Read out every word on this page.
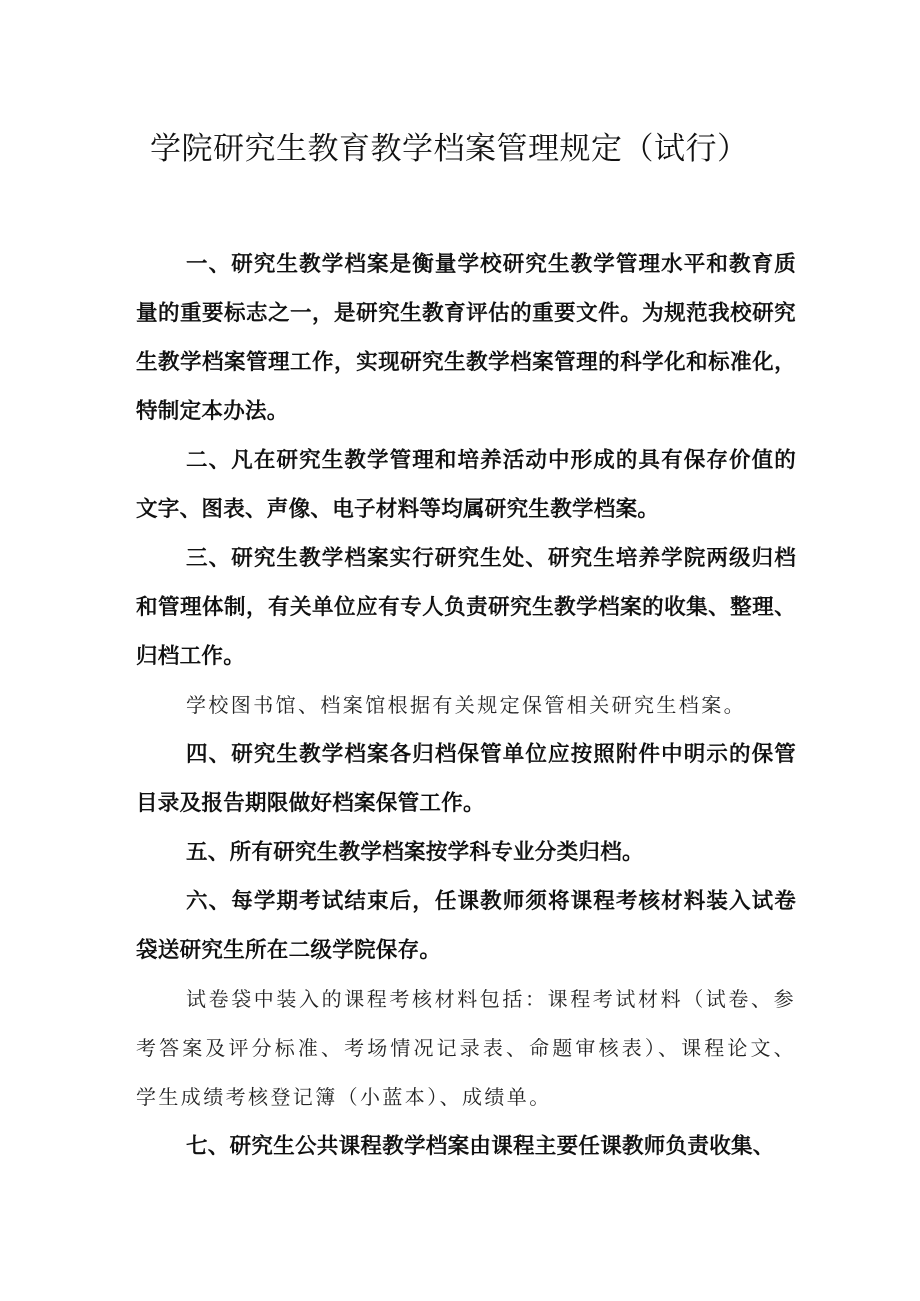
学院研究生教育教学档案管理规定（试行）

一、研究生教学档案是衡量学校研究生教学管理水平和教育质量的重要标志之一，是研究生教育评估的重要文件。为规范我校研究生教学档案管理工作，实现研究生教学档案管理的科学化和标准化，特制定本办法。

二、凡在研究生教学管理和培养活动中形成的具有保存价值的文字、图表、声像、电子材料等均属研究生教学档案。

三、研究生教学档案实行研究生处、研究生培养学院两级归档和管理体制，有关单位应有专人负责研究生教学档案的收集、整理、归档工作。

学校图书馆、档案馆根据有关规定保管相关研究生档案。

四、研究生教学档案各归档保管单位应按照附件中明示的保管目录及报告期限做好档案保管工作。

五、所有研究生教学档案按学科专业分类归档。

六、每学期考试结束后，任课教师须将课程考核材料装入试卷袋送研究生所在二级学院保存。

试卷袋中装入的课程考核材料包括：课程考试材料（试卷、参考答案及评分标准、考场情况记录表、命题审核表）、课程论文、学生成绩考核登记簿（小蓝本）、成绩单。

七、研究生公共课程教学档案由课程主要任课教师负责收集、
